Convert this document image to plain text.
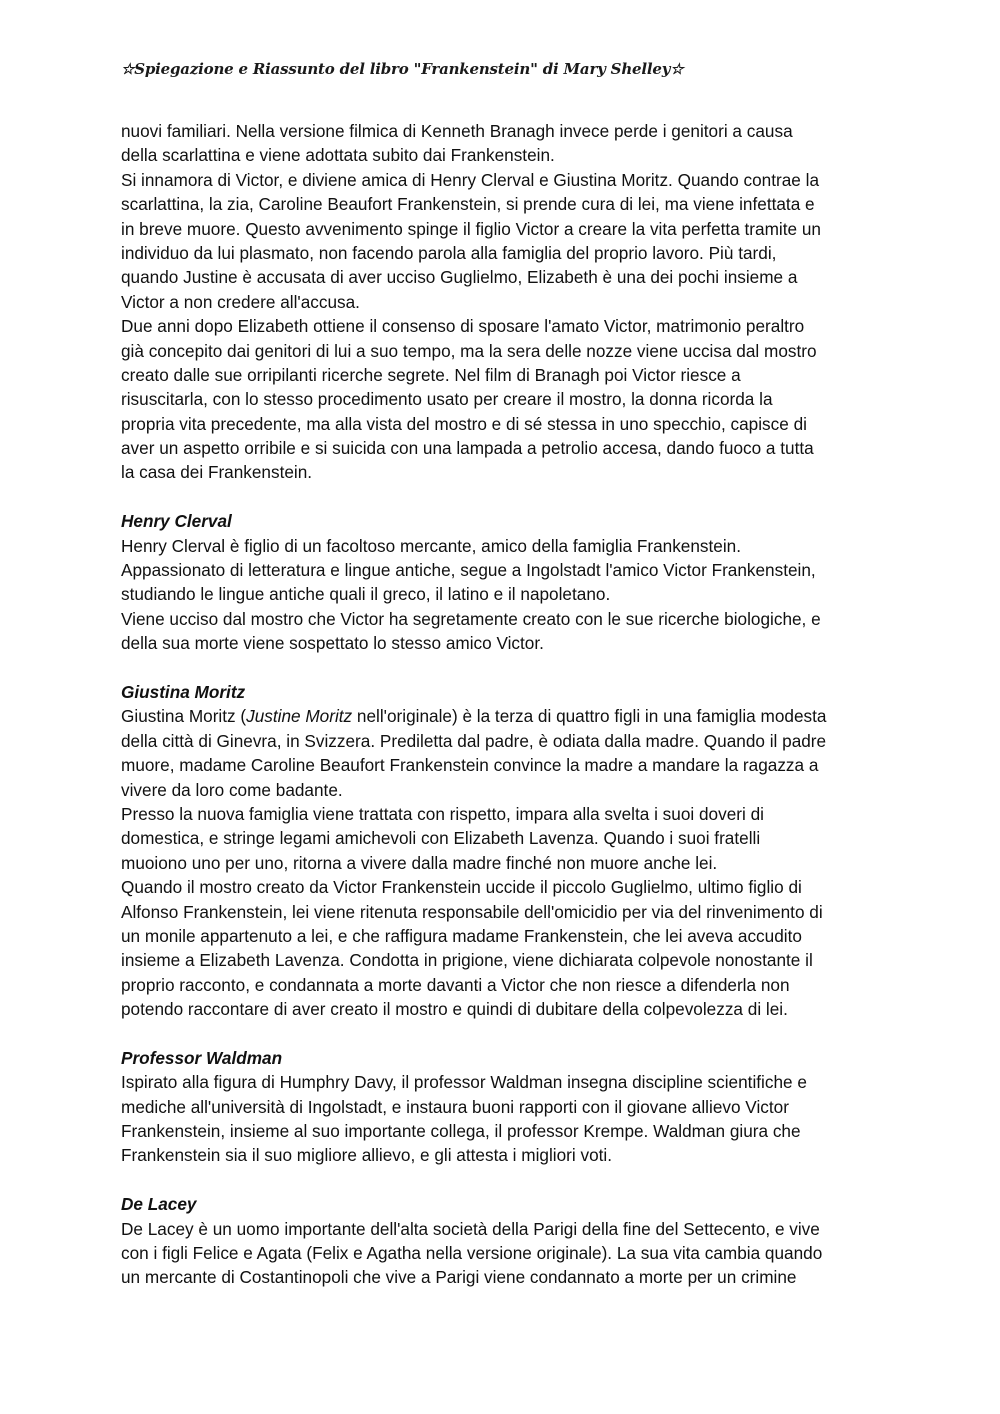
☆Spiegazione e Riassunto del libro "Frankenstein" di Mary Shelley☆
nuovi familiari. Nella versione filmica di Kenneth Branagh invece perde i genitori a causa
della scarlattina e viene adottata subito dai Frankenstein.
Si innamora di Victor, e diviene amica di Henry Clerval e Giustina Moritz. Quando contrae la
scarlattina, la zia, Caroline Beaufort Frankenstein, si prende cura di lei, ma viene infettata e
in breve muore. Questo avvenimento spinge il figlio Victor a creare la vita perfetta tramite un
individuo da lui plasmato, non facendo parola alla famiglia del proprio lavoro. Più tardi,
quando Justine è accusata di aver ucciso Guglielmo, Elizabeth è una dei pochi insieme a
Victor a non credere all'accusa.
Due anni dopo Elizabeth ottiene il consenso di sposare l'amato Victor, matrimonio peraltro
già concepito dai genitori di lui a suo tempo, ma la sera delle nozze viene uccisa dal mostro
creato dalle sue orripilanti ricerche segrete. Nel film di Branagh poi Victor riesce a
risuscitarla, con lo stesso procedimento usato per creare il mostro, la donna ricorda la
propria vita precedente, ma alla vista del mostro e di sé stessa in uno specchio, capisce di
aver un aspetto orribile e si suicida con una lampada a petrolio accesa, dando fuoco a tutta
la casa dei Frankenstein.
Henry Clerval
Henry Clerval è figlio di un facoltoso mercante, amico della famiglia Frankenstein.
Appassionato di letteratura e lingue antiche, segue a Ingolstadt l'amico Victor Frankenstein,
studiando le lingue antiche quali il greco, il latino e il napoletano.
Viene ucciso dal mostro che Victor ha segretamente creato con le sue ricerche biologiche, e
della sua morte viene sospettato lo stesso amico Victor.
Giustina Moritz
Giustina Moritz (Justine Moritz nell'originale) è la terza di quattro figli in una famiglia modesta
della città di Ginevra, in Svizzera. Prediletta dal padre, è odiata dalla madre. Quando il padre
muore, madame Caroline Beaufort Frankenstein convince la madre a mandare la ragazza a
vivere da loro come badante.
Presso la nuova famiglia viene trattata con rispetto, impara alla svelta i suoi doveri di
domestica, e stringe legami amichevoli con Elizabeth Lavenza. Quando i suoi fratelli
muoiono uno per uno, ritorna a vivere dalla madre finché non muore anche lei.
Quando il mostro creato da Victor Frankenstein uccide il piccolo Guglielmo, ultimo figlio di
Alfonso Frankenstein, lei viene ritenuta responsabile dell'omicidio per via del rinvenimento di
un monile appartenuto a lei, e che raffigura madame Frankenstein, che lei aveva accudito
insieme a Elizabeth Lavenza. Condotta in prigione, viene dichiarata colpevole nonostante il
proprio racconto, e condannata a morte davanti a Victor che non riesce a difenderla non
potendo raccontare di aver creato il mostro e quindi di dubitare della colpevolezza di lei.
Professor Waldman
Ispirato alla figura di Humphry Davy, il professor Waldman insegna discipline scientifiche e
mediche all'università di Ingolstadt, e instaura buoni rapporti con il giovane allievo Victor
Frankenstein, insieme al suo importante collega, il professor Krempe. Waldman giura che
Frankenstein sia il suo migliore allievo, e gli attesta i migliori voti.
De Lacey
De Lacey è un uomo importante dell'alta società della Parigi della fine del Settecento, e vive
con i figli Felice e Agata (Felix e Agatha nella versione originale). La sua vita cambia quando
un mercante di Costantinopoli che vive a Parigi viene condannato a morte per un crimine
